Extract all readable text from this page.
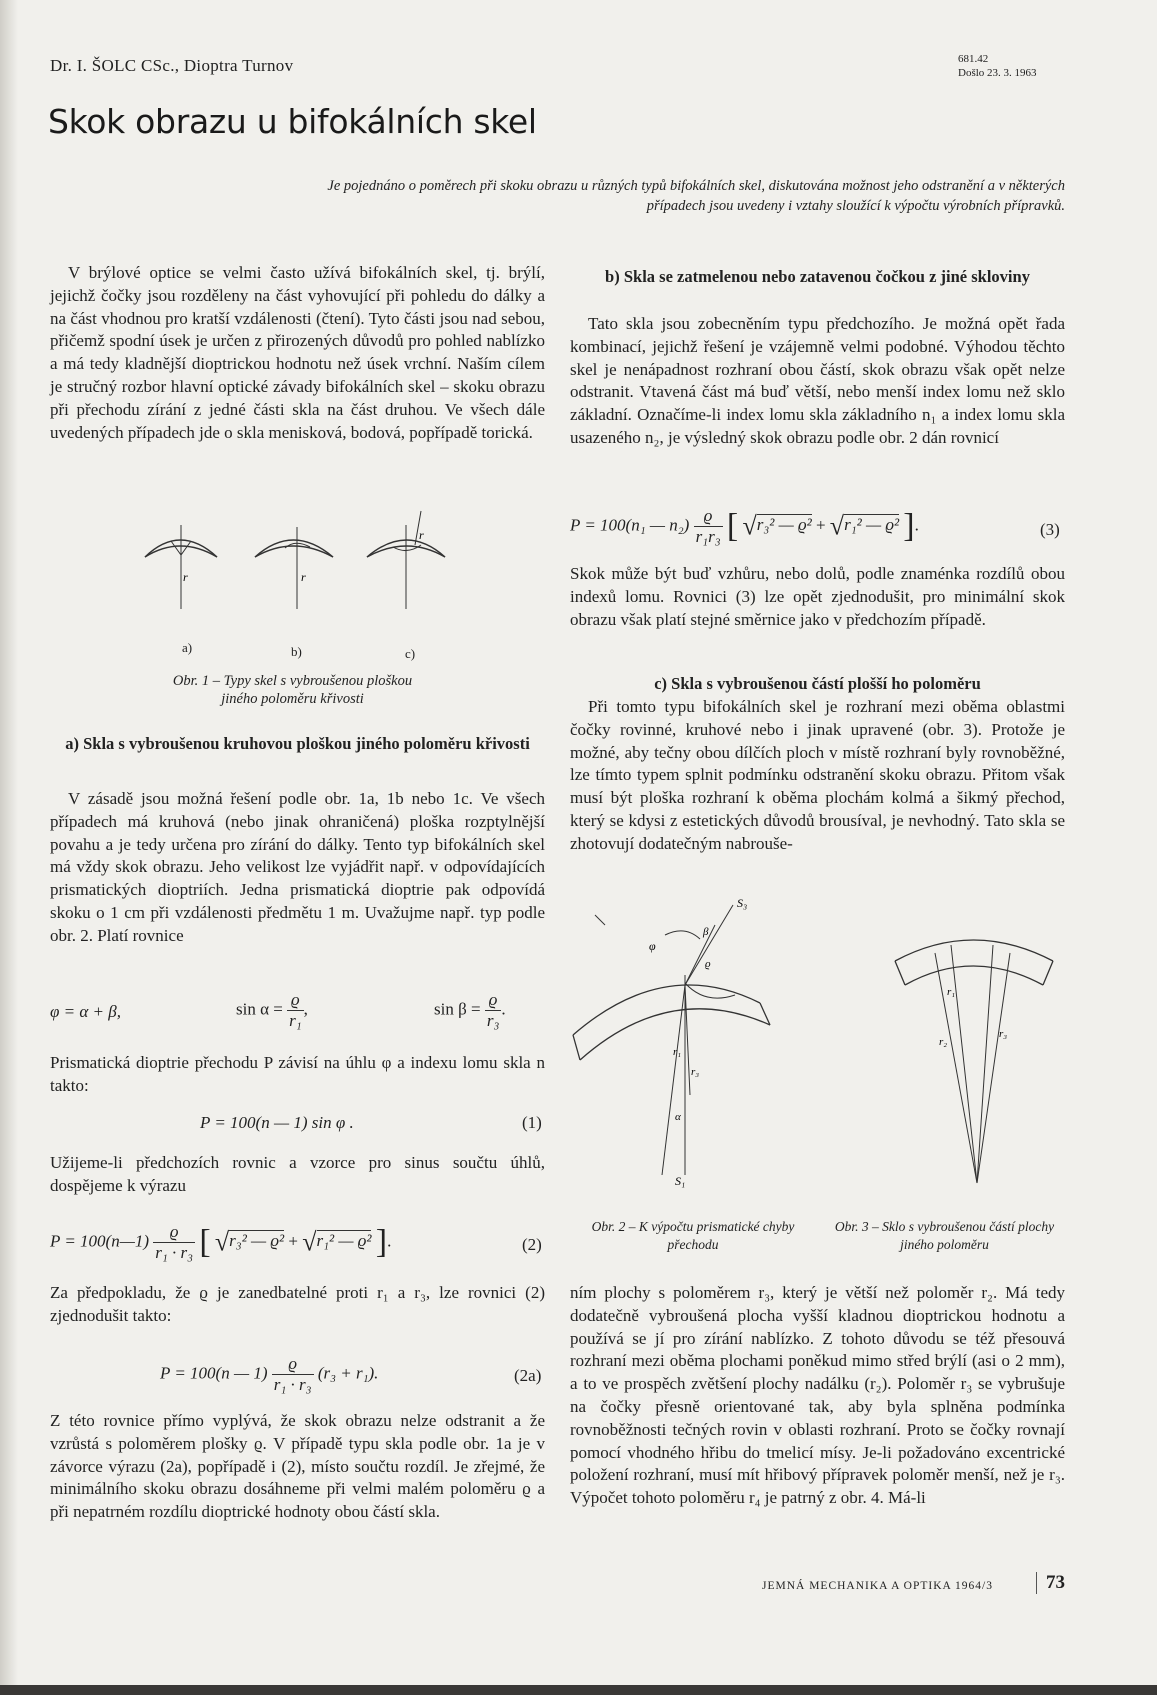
Dr. I. ŠOLC CSc., Dioptra Turnov	681.42
Došlo 23. 3. 1963
Skok obrazu u bifokálních skel
Je pojednáno o poměrech při skoku obrazu u různých typů bifokálních skel, diskutována možnost jeho odstranění a v některých případech jsou uvedeny i vztahy sloužící k výpočtu výrobních přípravků.

V brýlové optice se velmi často užívá bifokálních skel, tj. brýlí, jejichž čočky jsou rozděleny na část vyhovující při pohledu do dálky a na část vhodnou pro kratší vzdálenosti (čtení). Tyto části jsou nad sebou, přičemž spodní úsek je určen z přirozených důvodů pro pohled nablízko a má tedy kladnější dioptrickou hodnotu než úsek vrchní. Naším cílem je stručný rozbor hlavní optické závady bifokálních skel – skoku obrazu při přechodu zírání z jedné části skla na část druhou. Ve všech dále uvedených případech jde o skla menisková, bodová, popřípadě torická.

r	r
r
a)	b)	c)
Obr. 1 – Typy skel s vybroušenou ploškou
jiného poloměru křivosti
a) Skla s vybroušenou kruhovou ploškou jiného poloměru křivosti

V zásadě jsou možná řešení podle obr. 1a, 1b nebo 1c. Ve všech případech má kruhová (nebo jinak ohraničená) ploška rozptylnější povahu a je tedy určena pro zírání do dálky. Tento typ bifokálních skel má vždy skok obrazu. Jeho velikost lze vyjádřit např. v odpovídajících prismatických dioptriích. Jedna prismatická dioptrie pak odpovídá skoku o 1 cm při vzdálenosti předmětu 1 m. Uvažujme např. typ podle obr. 2. Platí rovnice

φ = α + β,	$\sin \alpha = \frac{ϱ}{\text{r₁}}$ ,	$\sin \beta = \frac{ϱ}{\text{r₃}}$ .

Prismatická dioptrie přechodu P závisí na úhlu φ a indexu lomu skla n takto:

P = 100(n — 1) sin φ .	(1)

Užijeme-li předchozích rovnic a vzorce pro sinus součtu úhlů, dospějeme k výrazu

P = 100(n—1) $\frac{ϱ}{\text{r₁ · r₃}}$ [ √r₃² — ϱ² + √r₁² — ϱ² ].	(2)

Za předpokladu, že ϱ je zanedbatelné proti r₁ a r₃, lze rovnici (2) zjednodušit takto:

P = 100(n — $1) \frac{ϱ}{\text{r₁ · r₃}} (r_3 + r_1)$.	(2a)

Z této rovnice přímo vyplývá, že skok obrazu nelze odstranit a že vzrůstá s poloměrem plošky ϱ. V případě typu skla podle obr. 1a je v závorce výrazu (2a), popřípadě i (2), místo součtu rozdíl. Je zřejmé, že minimálního skoku obrazu dosáhneme při velmi malém poloměru ϱ a při nepatrném rozdílu dioptrické hodnoty obou částí skla.

b) Skla se zatmelenou nebo zatavenou čočkou z jiné skloviny

Tato skla jsou zobecněním typu předchozího. Je možná opět řada kombinací, jejichž řešení je vzájemně velmi podobné. Výhodou těchto skel je nenápadnost rozhraní obou částí, skok obrazu však opět nelze odstranit. Vtavená část má buď větší, nebo menší index lomu než sklo základní. Označíme-li index lomu skla základního n₁ a index lomu skla usazeného n₂, je výsledný skok obrazu podle obr. 2 dán rovnicí

P = 100(n₁ — $n_2) \frac{ϱ}{\text{r₁r₃}}$ [ √r₃² — ϱ² + √r₁² — ϱ² ].	(3)

Skok může být buď vzhůru, nebo dolů, podle znaménka rozdílů obou indexů lomu. Rovnici (3) lze opět zjednodušit, pro minimální skok obrazu však platí stejné směrnice jako v předchozím případě.

c) Skla s vybroušenou částí plošší ho poloměru

Při tomto typu bifokálních skel je rozhraní mezi oběma oblastmi čočky rovinné, kruhové nebo i jinak upravené (obr. 3). Protože je možné, aby tečny obou dílčích ploch v místě rozhraní byly rovnoběžné, lze tímto typem splnit podmínku odstranění skoku obrazu. Přitom však musí být ploška rozhraní k oběma plochám kolmá a šikmý přechod, který se kdysi z estetických důvodů brousíval, je nevhodný. Tato skla se zhotovují dodatečným nabrouše-

S₃
φ
β
ϱ
r₃
r₁
α
S₁
r₁
r₂
r₃
Obr. 2 – K výpočtu prismatické chyby přechodu
Obr. 3 – Sklo s vybroušenou částí plochy jiného poloměru

ním plochy s poloměrem r₃, který je větší než poloměr r₂. Má tedy dodatečně vybroušená plocha vyšší kladnou dioptrickou hodnotu a používá se jí pro zírání nablízko. Z tohoto důvodu se též přesouvá rozhraní mezi oběma plochami poněkud mimo střed brýlí (asi o 2 mm), a to ve prospěch zvětšení plochy nadálku (r₂). Poloměr r₃ se vybrušuje na čočky přesně orientované tak, aby byla splněna podmínka rovnoběžnosti tečných rovin v oblasti rozhraní. Proto se čočky rovnají pomocí vhodného hřibu do tmelicí mísy. Je-li požadováno excentrické položení rozhraní, musí mít hřibový přípravek poloměr menší, než je r₃. Výpočet tohoto poloměru r₄ je patrný z obr. 4. Má-li

JEMNÁ MECHANIKA A OPTIKA 1964/3	73
